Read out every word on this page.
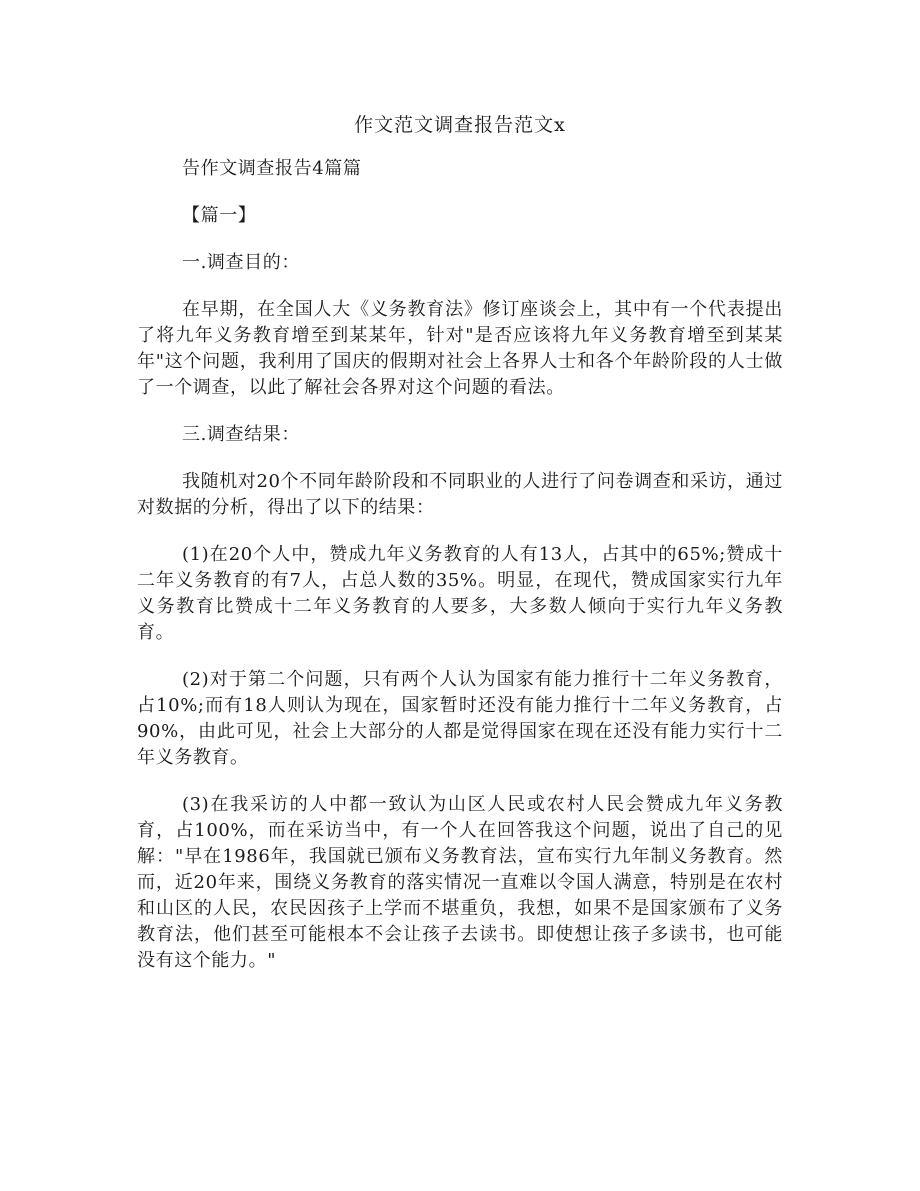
作文范文调查报告范文x

告作文调查报告4篇篇

【篇一】

一.调查目的：

在早期，在全国人大《义务教育法》修订座谈会上，其中有一个代表提出了将九年义务教育增至到某某年，针对"是否应该将九年义务教育增至到某某年"这个问题，我利用了国庆的假期对社会上各界人士和各个年龄阶段的人士做了一个调查，以此了解社会各界对这个问题的看法。

三.调查结果：

我随机对20个不同年龄阶段和不同职业的人进行了问卷调查和采访，通过对数据的分析，得出了以下的结果：

(1)在20个人中，赞成九年义务教育的人有13人，占其中的65%;赞成十二年义务教育的有7人，占总人数的35%。明显，在现代，赞成国家实行九年义务教育比赞成十二年义务教育的人要多，大多数人倾向于实行九年义务教育。

(2)对于第二个问题，只有两个人认为国家有能力推行十二年义务教育，占10%;而有18人则认为现在，国家暂时还没有能力推行十二年义务教育，占90%，由此可见，社会上大部分的人都是觉得国家在现在还没有能力实行十二年义务教育。

(3)在我采访的人中都一致认为山区人民或农村人民会赞成九年义务教育，占100%，而在采访当中，有一个人在回答我这个问题，说出了自己的见解："早在1986年，我国就已颁布义务教育法，宣布实行九年制义务教育。然而，近20年来，围绕义务教育的落实情况一直难以令国人满意，特别是在农村和山区的人民，农民因孩子上学而不堪重负，我想，如果不是国家颁布了义务教育法，他们甚至可能根本不会让孩子去读书。即使想让孩子多读书，也可能没有这个能力。"
